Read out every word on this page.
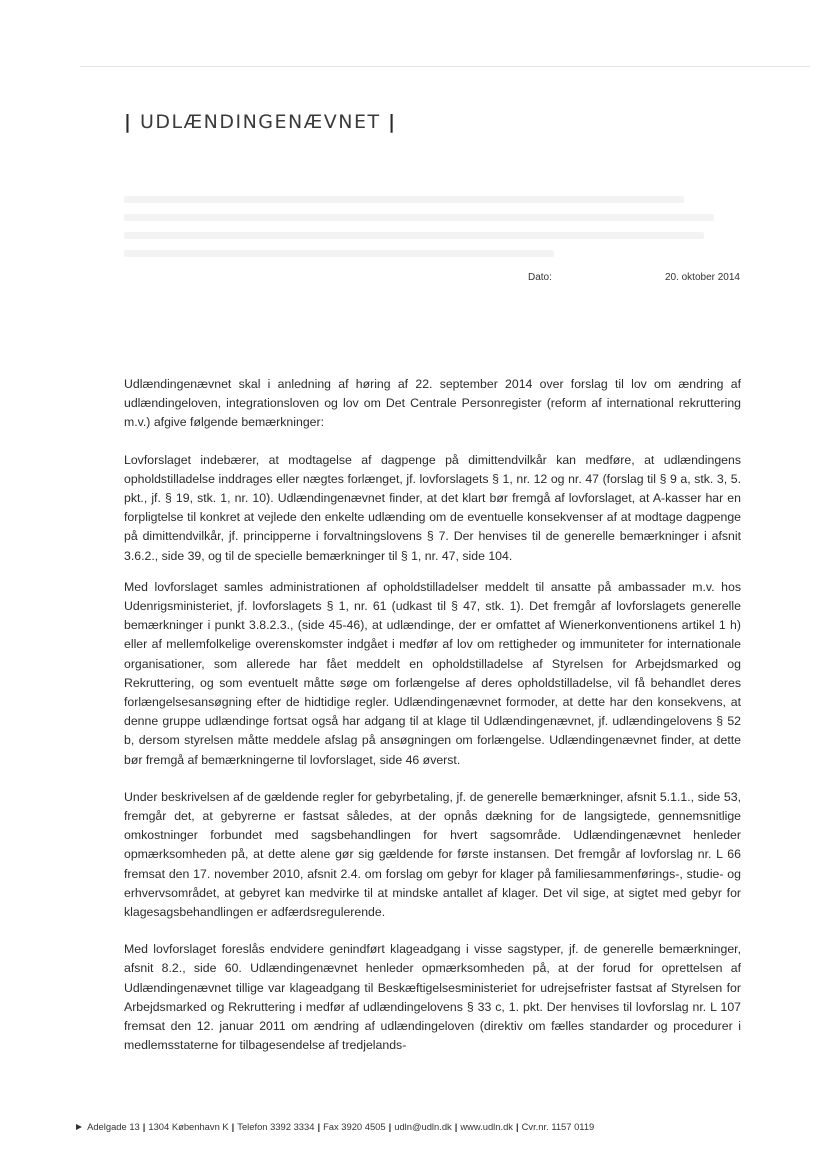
| UDLÆNDINGENÆVNET |
Dato:	20. oktober 2014

Udlændingenævnet skal i anledning af høring af 22. september 2014 over forslag til lov om ændring af udlændingeloven, integrationsloven og lov om Det Centrale Personregister (reform af international rekruttering m.v.) afgive følgende bemærkninger:

Lovforslaget indebærer, at modtagelse af dagpenge på dimittendvilkår kan medføre, at udlændingens opholdstilladelse inddrages eller nægtes forlænget, jf. lovforslagets § 1, nr. 12 og nr. 47 (forslag til § 9 a, stk. 3, 5. pkt., jf. § 19, stk. 1, nr. 10). Udlændingenævnet finder, at det klart bør fremgå af lovforslaget, at A-kasser har en forpligtelse til konkret at vejlede den enkelte udlænding om de eventuelle konsekvenser af at modtage dagpenge på dimittendvilkår, jf. principperne i forvaltningslovens § 7. Der henvises til de generelle bemærkninger i afsnit 3.6.2., side 39, og til de specielle bemærkninger til § 1, nr. 47, side 104.

Med lovforslaget samles administrationen af opholdstilladelser meddelt til ansatte på ambassader m.v. hos Udenrigsministeriet, jf. lovforslagets § 1, nr. 61 (udkast til § 47, stk. 1). Det fremgår af lovforslagets generelle bemærkninger i punkt 3.8.2.3., (side 45-46), at udlændinge, der er omfattet af Wienerkonventionens artikel 1 h) eller af mellemfolkelige overenskomster indgået i medfør af lov om rettigheder og immuniteter for internationale organisationer, som allerede har fået meddelt en opholdstilladelse af Styrelsen for Arbejdsmarked og Rekruttering, og som eventuelt måtte søge om forlængelse af deres opholdstilladelse, vil få behandlet deres forlængelsesansøgning efter de hidtidige regler. Udlændingenævnet formoder, at dette har den konsekvens, at denne gruppe udlændinge fortsat også har adgang til at klage til Udlændingenævnet, jf. udlændingelovens § 52 b, dersom styrelsen måtte meddele afslag på ansøgningen om forlængelse. Udlændingenævnet finder, at dette bør fremgå af bemærkningerne til lovforslaget, side 46 øverst.

Under beskrivelsen af de gældende regler for gebyrbetaling, jf. de generelle bemærkninger, afsnit 5.1.1., side 53, fremgår det, at gebyrerne er fastsat således, at der opnås dækning for de langsigtede, gennemsnitlige omkostninger forbundet med sagsbehandlingen for hvert sagsområde. Udlændingenævnet henleder opmærksomheden på, at dette alene gør sig gældende for første instansen. Det fremgår af lovforslag nr. L 66 fremsat den 17. november 2010, afsnit 2.4. om forslag om gebyr for klager på familiesammenførings-, studie- og erhvervsområdet, at gebyret kan medvirke til at mindske antallet af klager. Det vil sige, at sigtet med gebyr for klagesagsbehandlingen er adfærdsregulerende.

Med lovforslaget foreslås endvidere genindført klageadgang i visse sagstyper, jf. de generelle bemærkninger, afsnit 8.2., side 60. Udlændingenævnet henleder opmærksomheden på, at der forud for oprettelsen af Udlændingenævnet tillige var klageadgang til Beskæftigelsesministeriet for udrejsefrister fastsat af Styrelsen for Arbejdsmarked og Rekruttering i medfør af udlændingelovens § 33 c, 1. pkt. Der henvises til lovforslag nr. L 107 fremsat den 12. januar 2011 om ændring af udlændingeloven (direktiv om fælles standarder og procedurer i medlemsstaterne for tilbagesendelse af tredjelands-

Adelgade 13 | 1304 København K | Telefon 3392 3334 | Fax 3920 4505 | udln@udln.dk | www.udln.dk | Cvr.nr. 1157 0119
